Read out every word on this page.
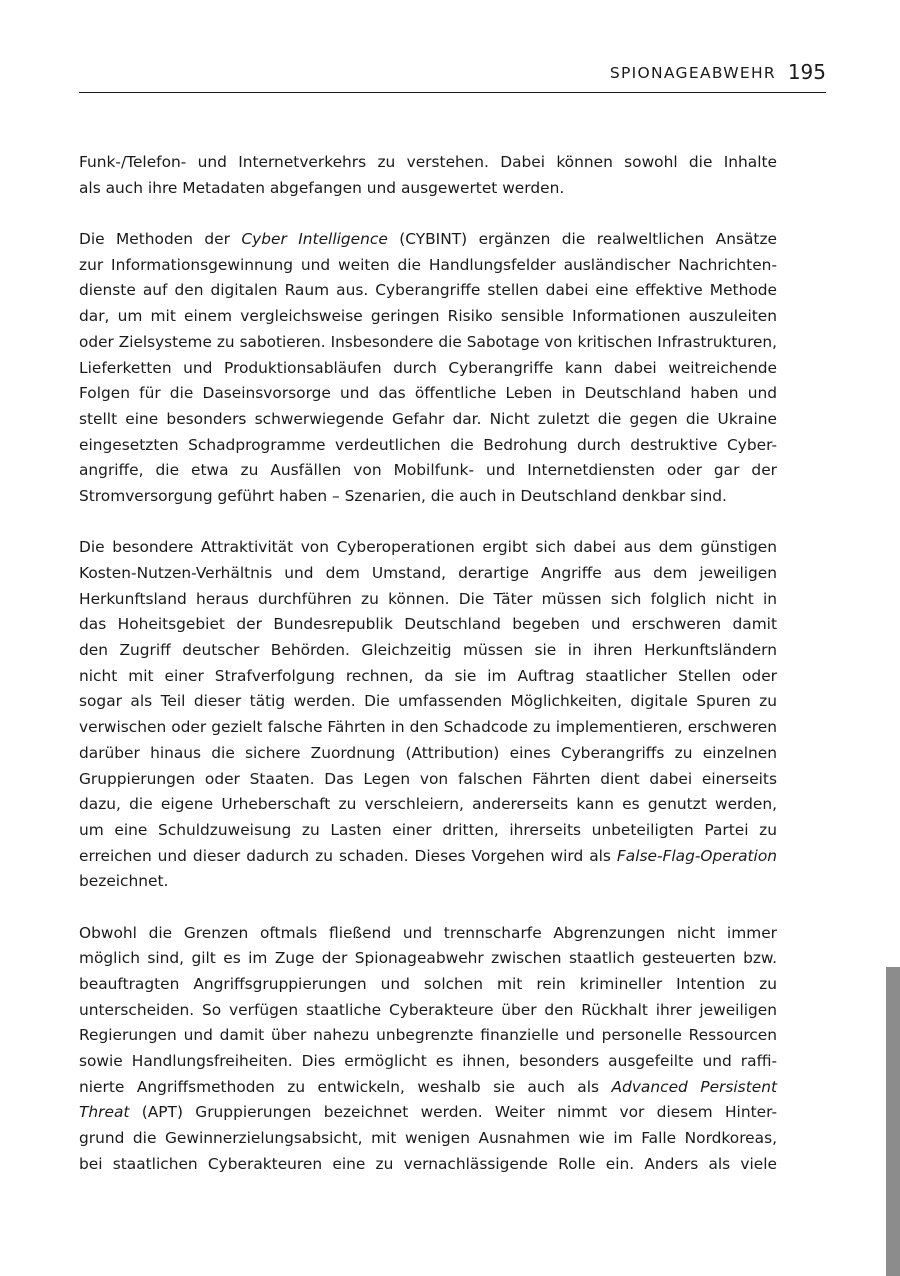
SPIONAGEABWEHR 195

Funk-/Telefon- und Internetverkehrs zu verstehen. Dabei können sowohl die Inhalte
als auch ihre Metadaten abgefangen und ausgewertet werden.

Die Methoden der Cyber Intelligence (CYBINT) ergänzen die realweltlichen Ansätze
zur Informationsgewinnung und weiten die Handlungsfelder ausländischer Nachrichten-
dienste auf den digitalen Raum aus. Cyberangriffe stellen dabei eine effektive Methode
dar, um mit einem vergleichsweise geringen Risiko sensible Informationen auszuleiten
oder Zielsysteme zu sabotieren. Insbesondere die Sabotage von kritischen Infrastrukturen,
Lieferketten und Produktionsabläufen durch Cyberangriffe kann dabei weitreichende
Folgen für die Daseinsvorsorge und das öffentliche Leben in Deutschland haben und
stellt eine besonders schwerwiegende Gefahr dar. Nicht zuletzt die gegen die Ukraine
eingesetzten Schadprogramme verdeutlichen die Bedrohung durch destruktive Cyber-
angriffe, die etwa zu Ausfällen von Mobilfunk- und Internetdiensten oder gar der
Stromversorgung geführt haben – Szenarien, die auch in Deutschland denkbar sind.

Die besondere Attraktivität von Cyberoperationen ergibt sich dabei aus dem günstigen
Kosten-Nutzen-Verhältnis und dem Umstand, derartige Angriffe aus dem jeweiligen
Herkunftsland heraus durchführen zu können. Die Täter müssen sich folglich nicht in
das Hoheitsgebiet der Bundesrepublik Deutschland begeben und erschweren damit
den Zugriff deutscher Behörden. Gleichzeitig müssen sie in ihren Herkunftsländern
nicht mit einer Strafverfolgung rechnen, da sie im Auftrag staatlicher Stellen oder
sogar als Teil dieser tätig werden. Die umfassenden Möglichkeiten, digitale Spuren zu
verwischen oder gezielt falsche Fährten in den Schadcode zu implementieren, erschweren
darüber hinaus die sichere Zuordnung (Attribution) eines Cyberangriffs zu einzelnen
Gruppierungen oder Staaten. Das Legen von falschen Fährten dient dabei einerseits
dazu, die eigene Urheberschaft zu verschleiern, andererseits kann es genutzt werden,
um eine Schuldzuweisung zu Lasten einer dritten, ihrerseits unbeteiligten Partei zu
erreichen und dieser dadurch zu schaden. Dieses Vorgehen wird als False-Flag-Operation
bezeichnet.

Obwohl die Grenzen oftmals fließend und trennscharfe Abgrenzungen nicht immer
möglich sind, gilt es im Zuge der Spionageabwehr zwischen staatlich gesteuerten bzw.
beauftragten Angriffsgruppierungen und solchen mit rein krimineller Intention zu
unterscheiden. So verfügen staatliche Cyberakteure über den Rückhalt ihrer jeweiligen
Regierungen und damit über nahezu unbegrenzte finanzielle und personelle Ressourcen
sowie Handlungsfreiheiten. Dies ermöglicht es ihnen, besonders ausgefeilte und raffi-
nierte Angriffsmethoden zu entwickeln, weshalb sie auch als Advanced Persistent
Threat (APT) Gruppierungen bezeichnet werden. Weiter nimmt vor diesem Hinter-
grund die Gewinnerzielungsabsicht, mit wenigen Ausnahmen wie im Falle Nordkoreas,
bei staatlichen Cyberakteuren eine zu vernachlässigende Rolle ein. Anders als viele
